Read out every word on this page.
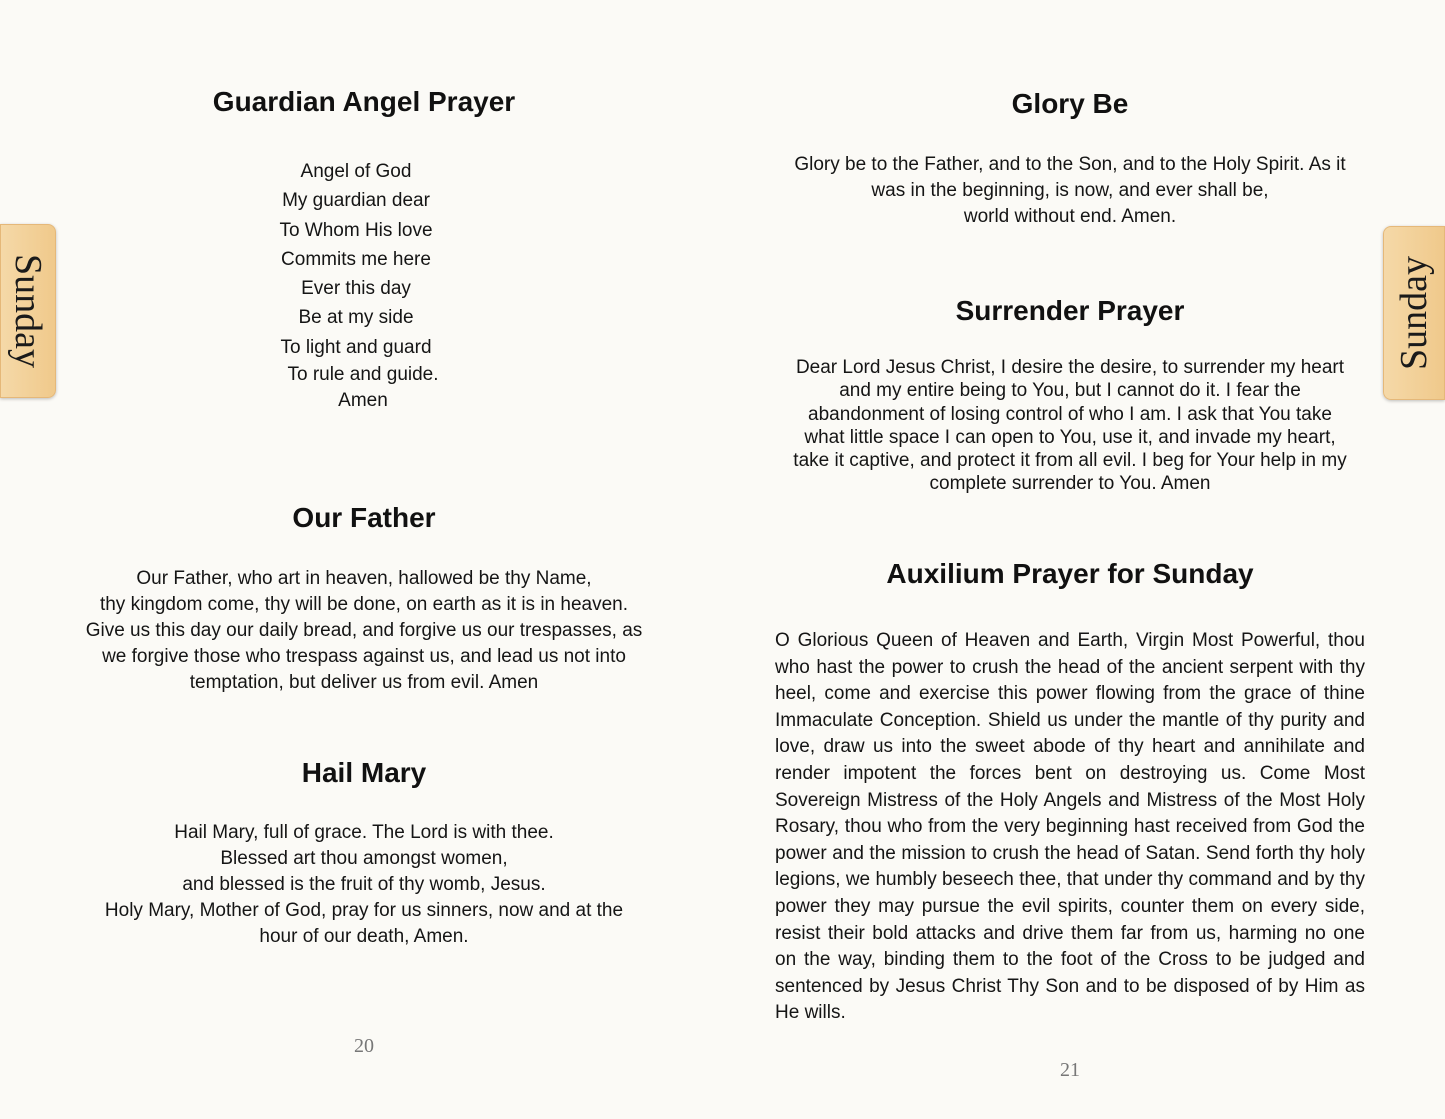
Sunday
Guardian Angel Prayer
Angel of God
My guardian dear
To Whom His love
Commits me here
Ever this day
Be at my side
To light and guard
To rule and guide.
Amen
Our Father
Our Father, who art in heaven, hallowed be thy Name,
thy kingdom come, thy will be done, on earth as it is in heaven.
Give us this day our daily bread, and forgive us our trespasses, as
we forgive those who trespass against us, and lead us not into
temptation, but deliver us from evil. Amen
Hail Mary
Hail Mary, full of grace. The Lord is with thee.
Blessed art thou amongst women,
and blessed is the fruit of thy womb, Jesus.
Holy Mary, Mother of God, pray for us sinners, now and at the
hour of our death, Amen.
20
Glory Be
Glory be to the Father, and to the Son, and to the Holy Spirit. As it
was in the beginning, is now, and ever shall be,
world without end. Amen.
Surrender Prayer
Dear Lord Jesus Christ, I desire the desire, to surrender my heart
and my entire being to You, but I cannot do it. I fear the
abandonment of losing control of who I am. I ask that You take
what little space I can open to You, use it, and invade my heart,
take it captive, and protect it from all evil. I beg for Your help in my
complete surrender to You. Amen
Auxilium Prayer for Sunday
O Glorious Queen of Heaven and Earth, Virgin Most Powerful, thou who hast the power to crush the head of the ancient serpent with thy heel, come and exercise this power flowing from the grace of thine Immaculate Conception. Shield us under the mantle of thy purity and love, draw us into the sweet abode of thy heart and annihilate and render impotent the forces bent on destroying us. Come Most Sovereign Mistress of the Holy Angels and Mistress of the Most Holy Rosary, thou who from the very beginning hast received from God the power and the mission to crush the head of Satan. Send forth thy holy legions, we humbly beseech thee, that under thy command and by thy power they may pursue the evil spirits, counter them on every side, resist their bold attacks and drive them far from us, harming no one on the way, binding them to the foot of the Cross to be judged and sentenced by Jesus Christ Thy Son and to be disposed of by Him as He wills.
21
Sunday
